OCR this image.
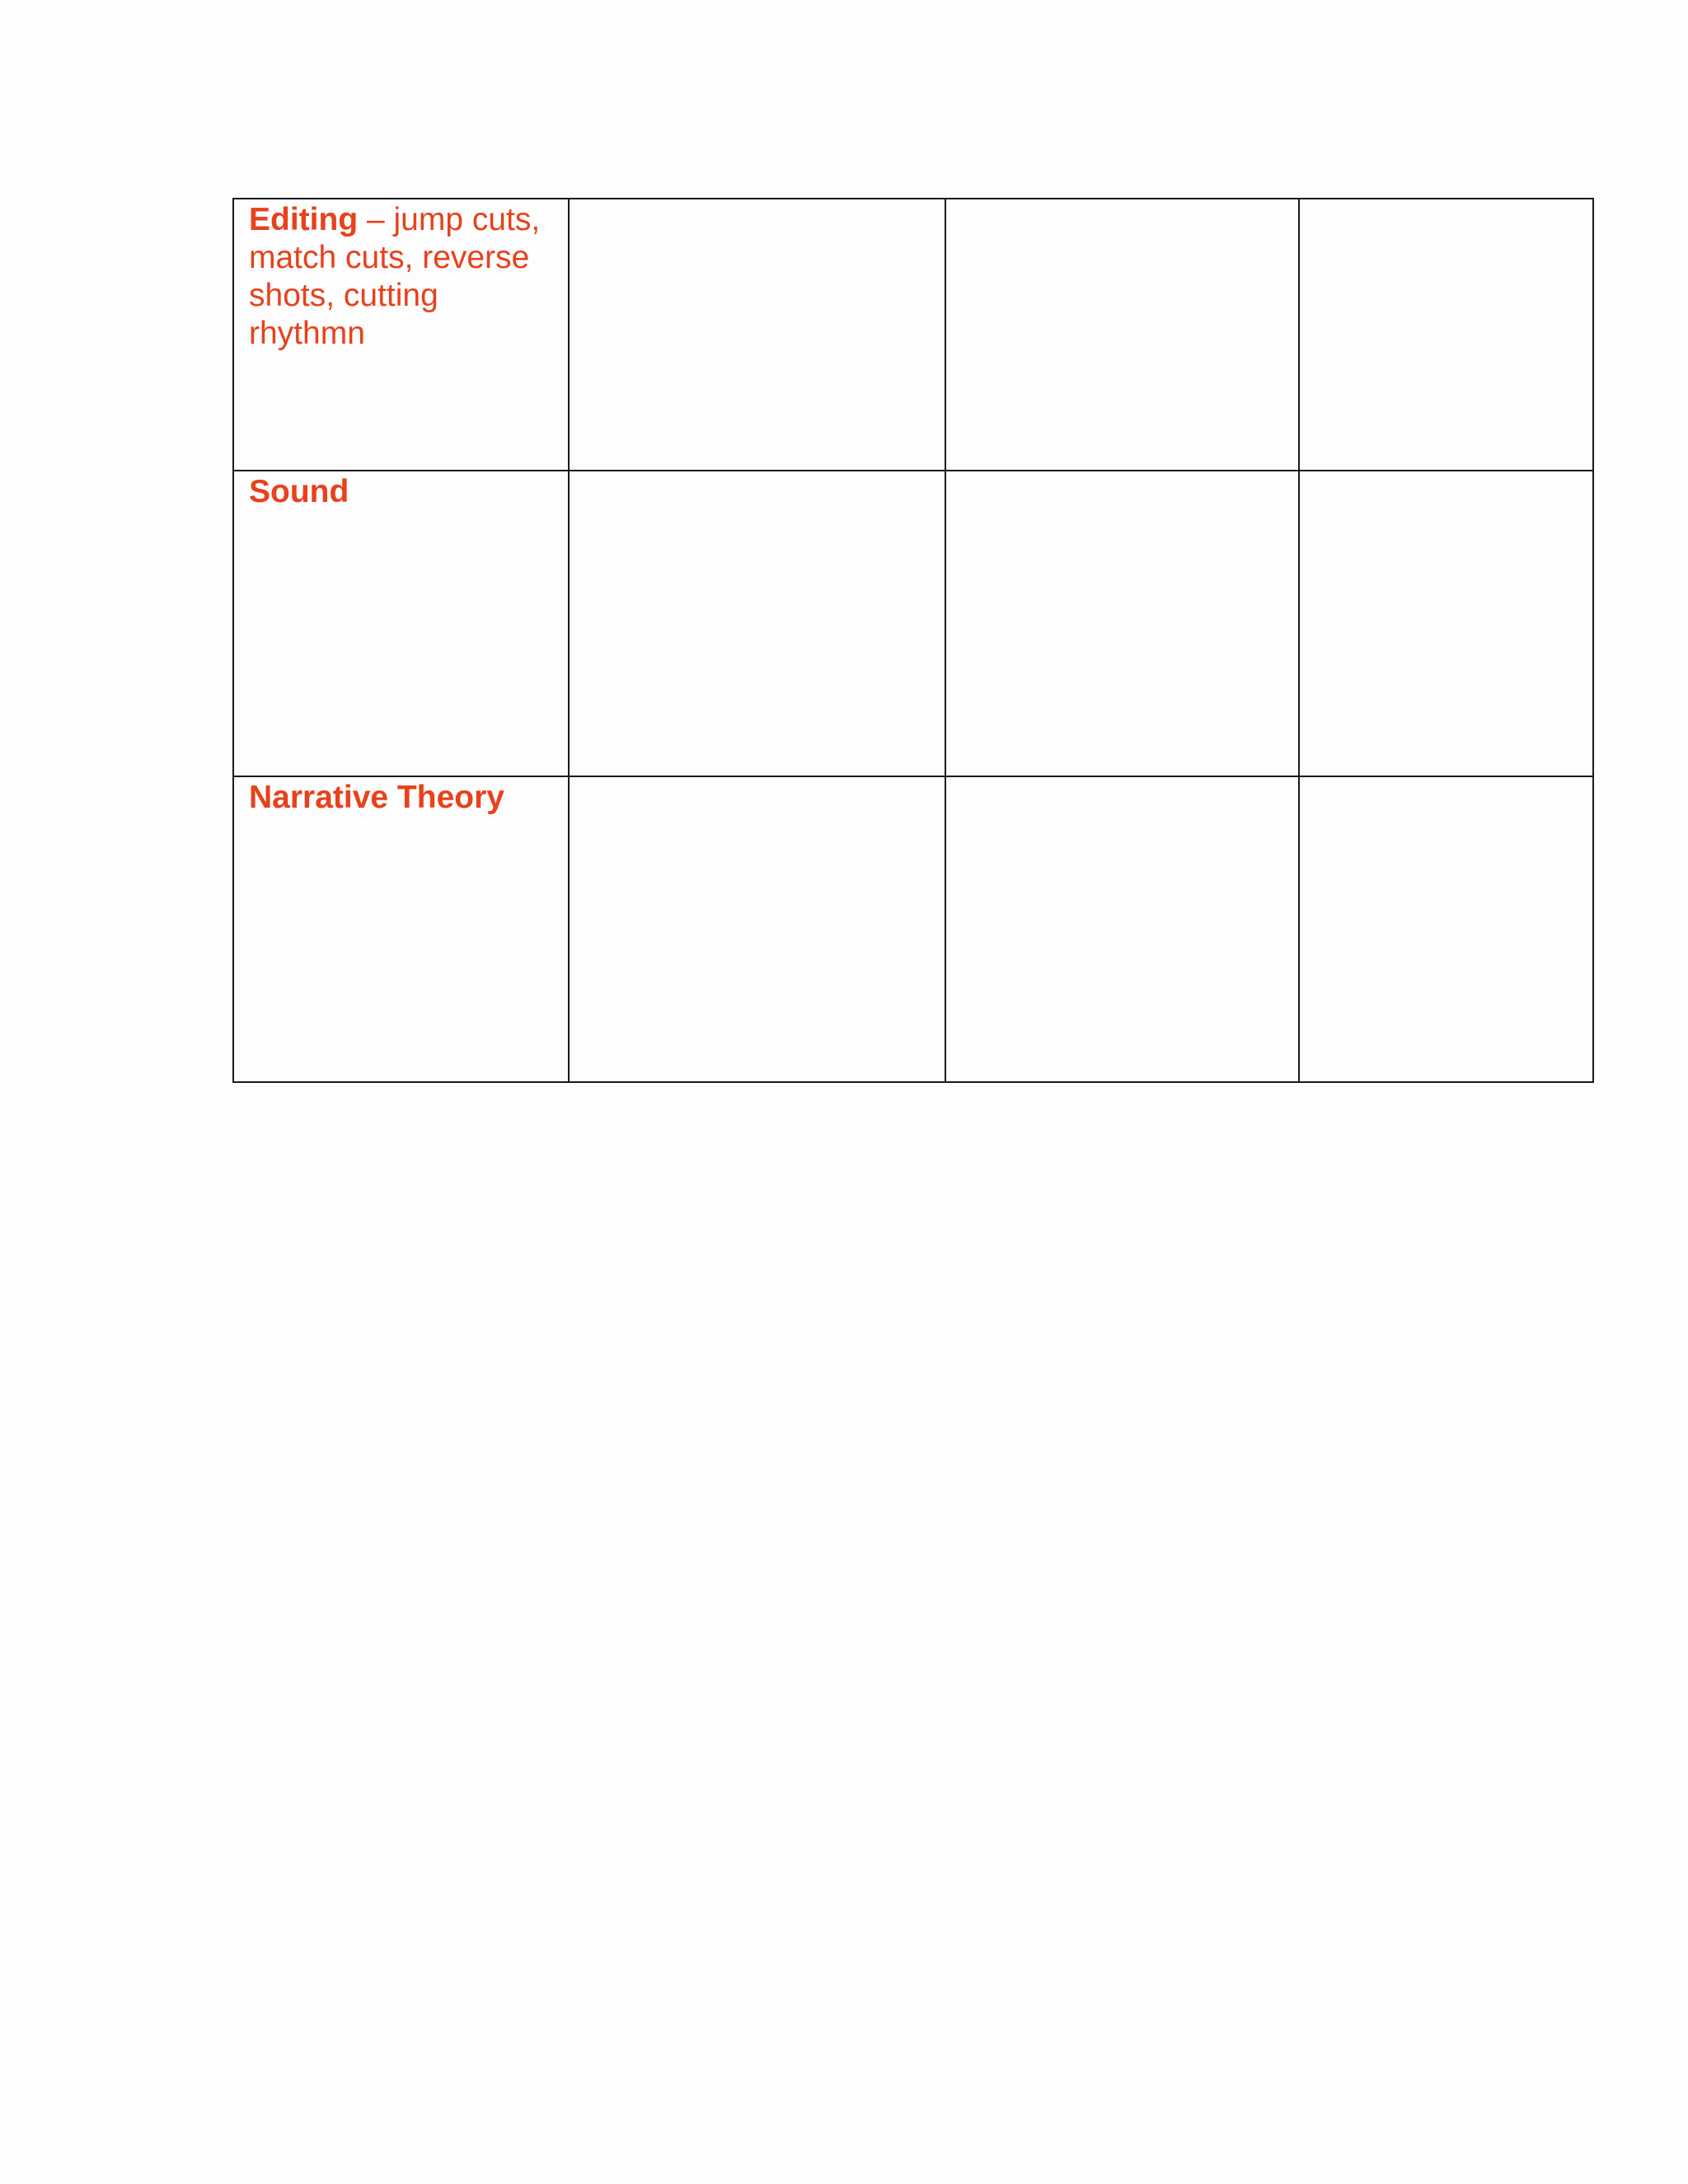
Editing – jump cuts, match cuts, reverse shots, cutting rhythmn			

Sound			

Narrative Theory			
